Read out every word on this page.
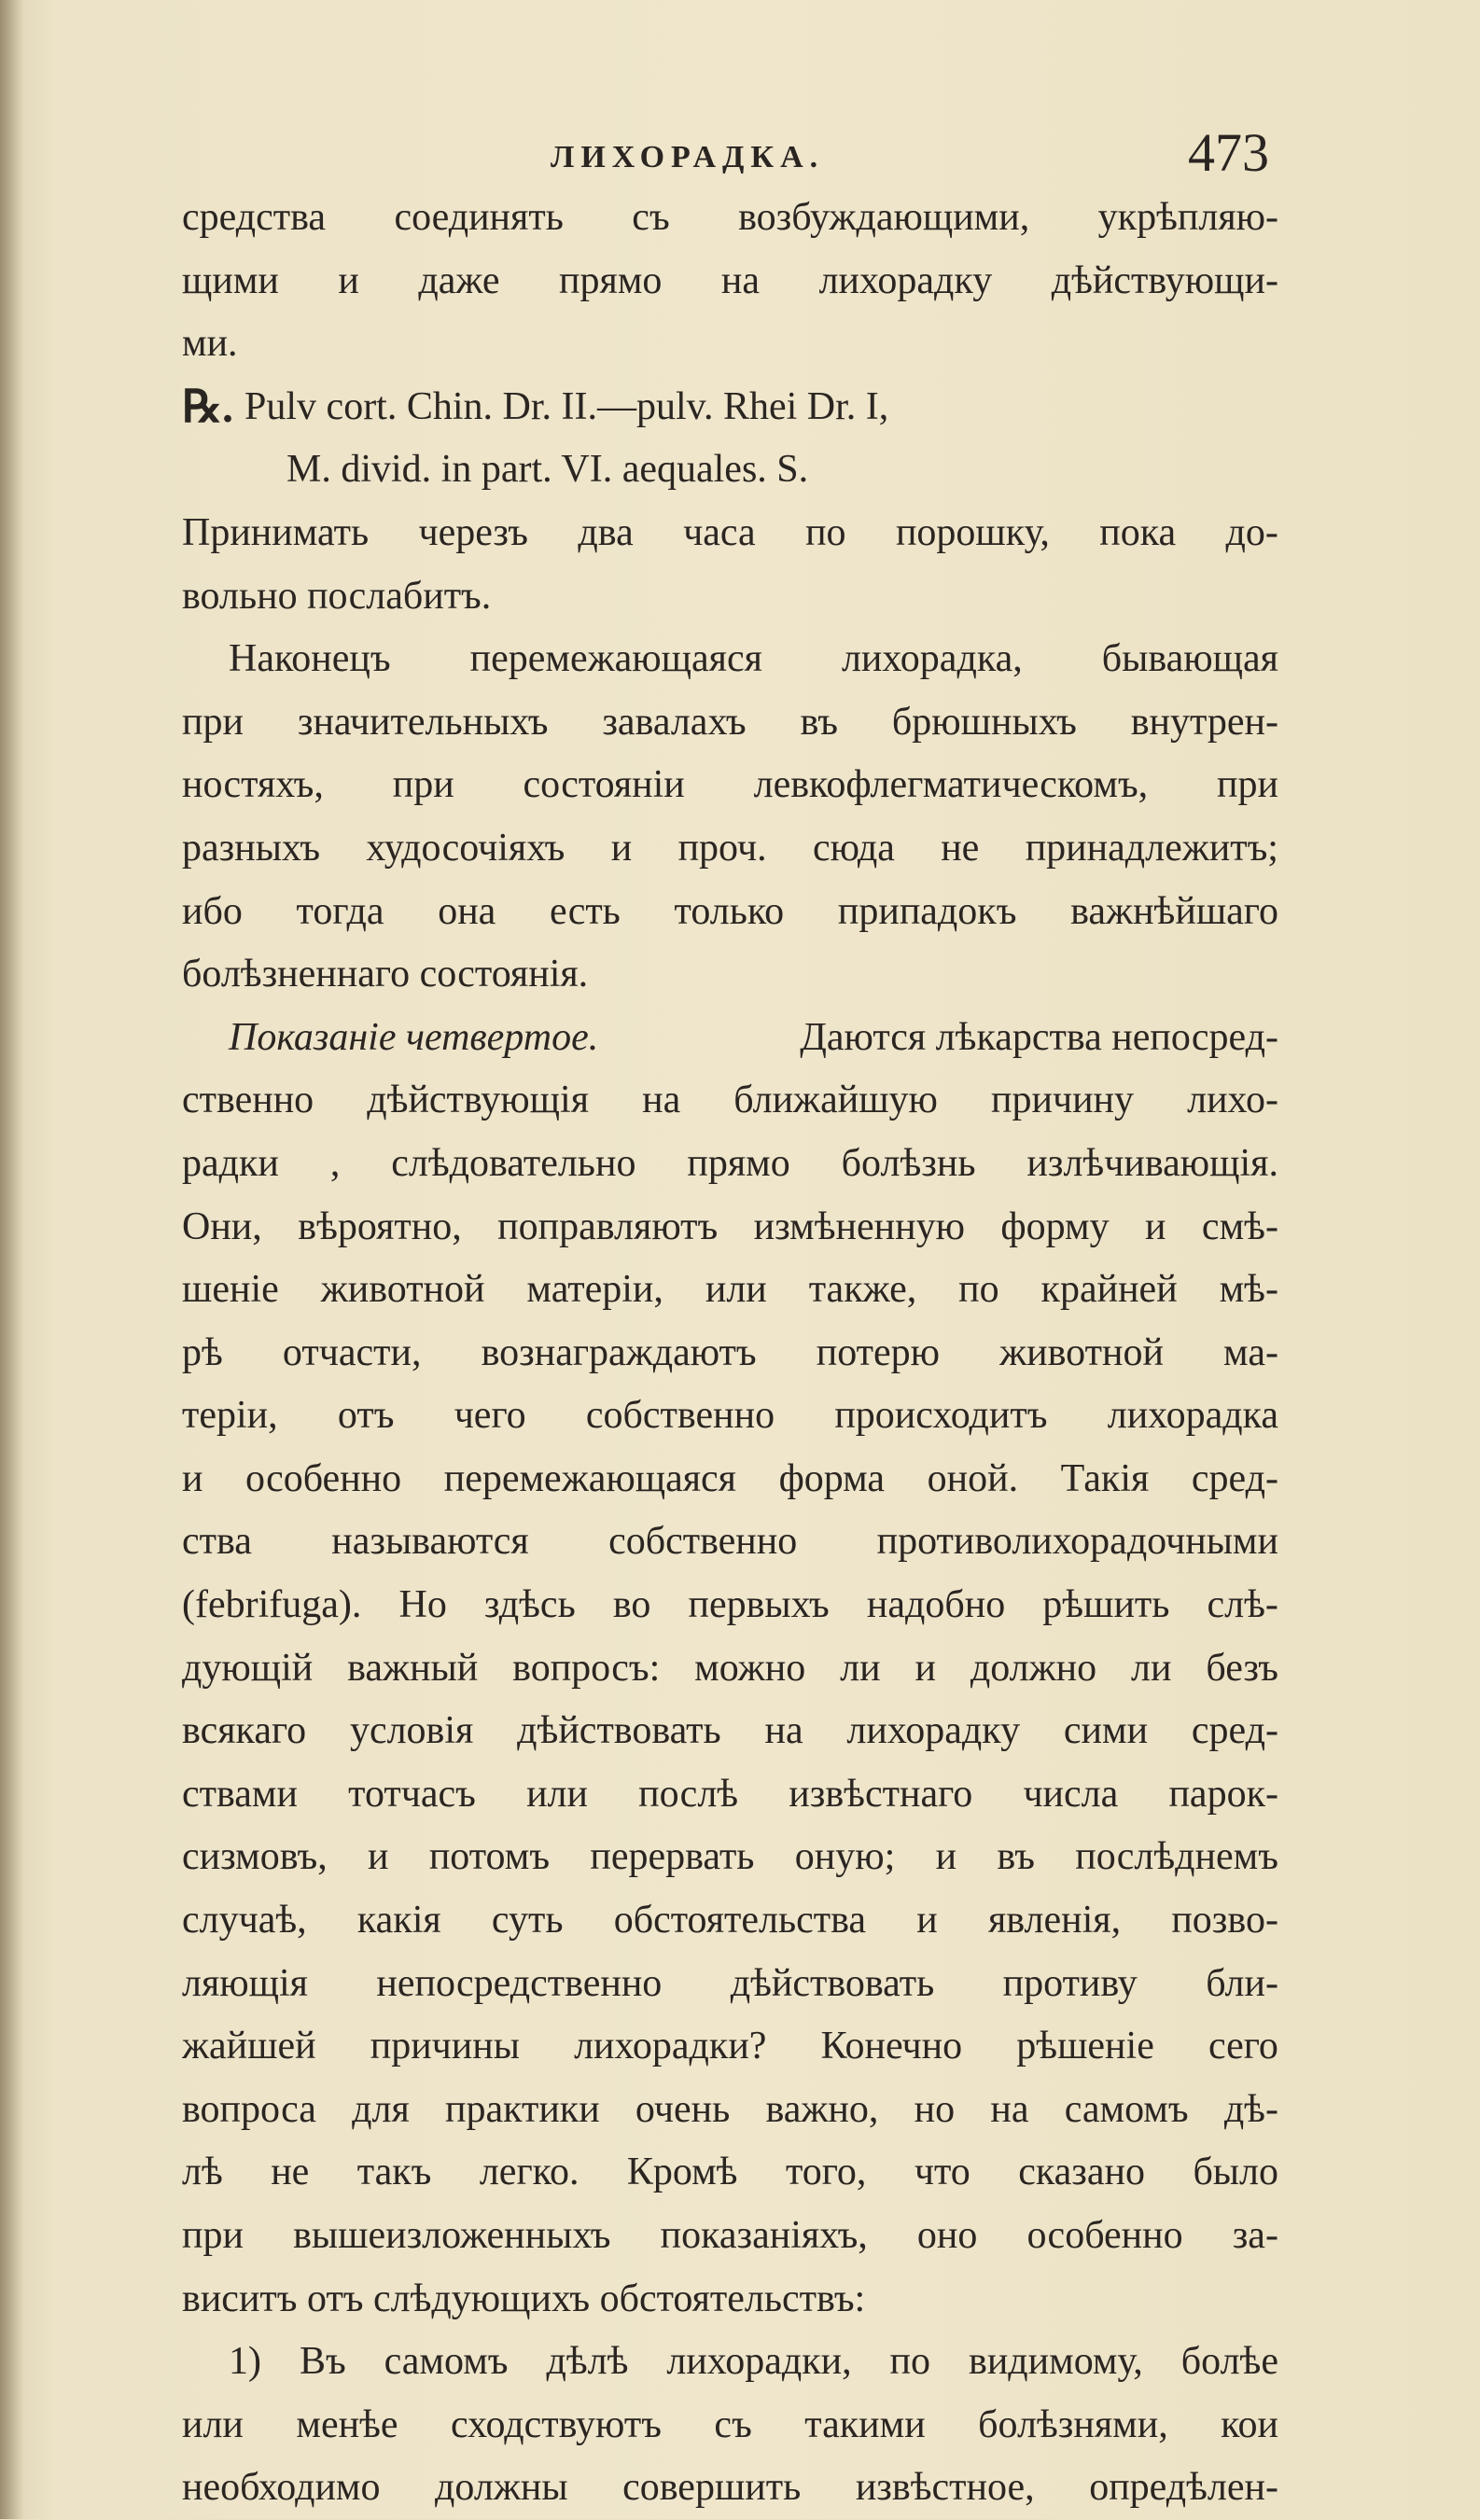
ЛИХОРАДКА.	473
средства соединять съ возбуждающими, укрѣпляю-
щими и даже прямо на лихорадку дѣйствующи-
ми.
℞. Pulv cort. Chin. Dr. II.—pulv. Rhei Dr. I,
M. divid. in part. VI. aequales. S.
Принимать черезъ два часа по порошку, пока до-
вольно послабитъ.
Наконецъ перемежающаяся лихорадка, бывающая
при значительныхъ завалахъ въ брюшныхъ внутрен-
ностяхъ, при состояніи левкофлегматическомъ, при
разныхъ худосочіяхъ и проч. сюда не принадлежитъ;
ибо тогда она есть только припадокъ важнѣйшаго
болѣзненнаго состоянія.
Показаніе четвертое.	Даются лѣкарства непосред-
ственно дѣйствующія на ближайшую причину лихо-
радки , слѣдовательно прямо болѣзнь излѣчивающія.
Они, вѣроятно, поправляютъ измѣненную форму и смѣ-
шеніе животной матеріи, или также, по крайней мѣ-
рѣ отчасти, вознаграждаютъ потерю животной ма-
теріи, отъ чего собственно происходитъ лихорадка
и особенно перемежающаяся форма оной. Такія сред-
ства называются собственно противолихорадочными
(febrifuga). Но здѣсь во первыхъ надобно рѣшить слѣ-
дующій важный вопросъ: можно ли и должно ли безъ
всякаго условія дѣйствовать на лихорадку сими сред-
ствами тотчасъ или послѣ извѣстнаго числа парок-
сизмовъ, и потомъ перервать оную; и въ послѣднемъ
случаѣ, какія суть обстоятельства и явленія, позво-
ляющія непосредственно дѣйствовать противу бли-
жайшей причины лихорадки? Конечно рѣшеніе сего
вопроса для практики очень важно, но на самомъ дѣ-
лѣ не такъ легко. Кромѣ того, что сказано было
при вышеизложенныхъ показаніяхъ, оно особенно за-
виситъ отъ слѣдующихъ обстоятельствъ:
1) Въ самомъ дѣлѣ лихорадки, по видимому, болѣе
или менѣе сходствуютъ съ такими болѣзнями, кои
необходимо должны совершить извѣстное, опредѣлен-
